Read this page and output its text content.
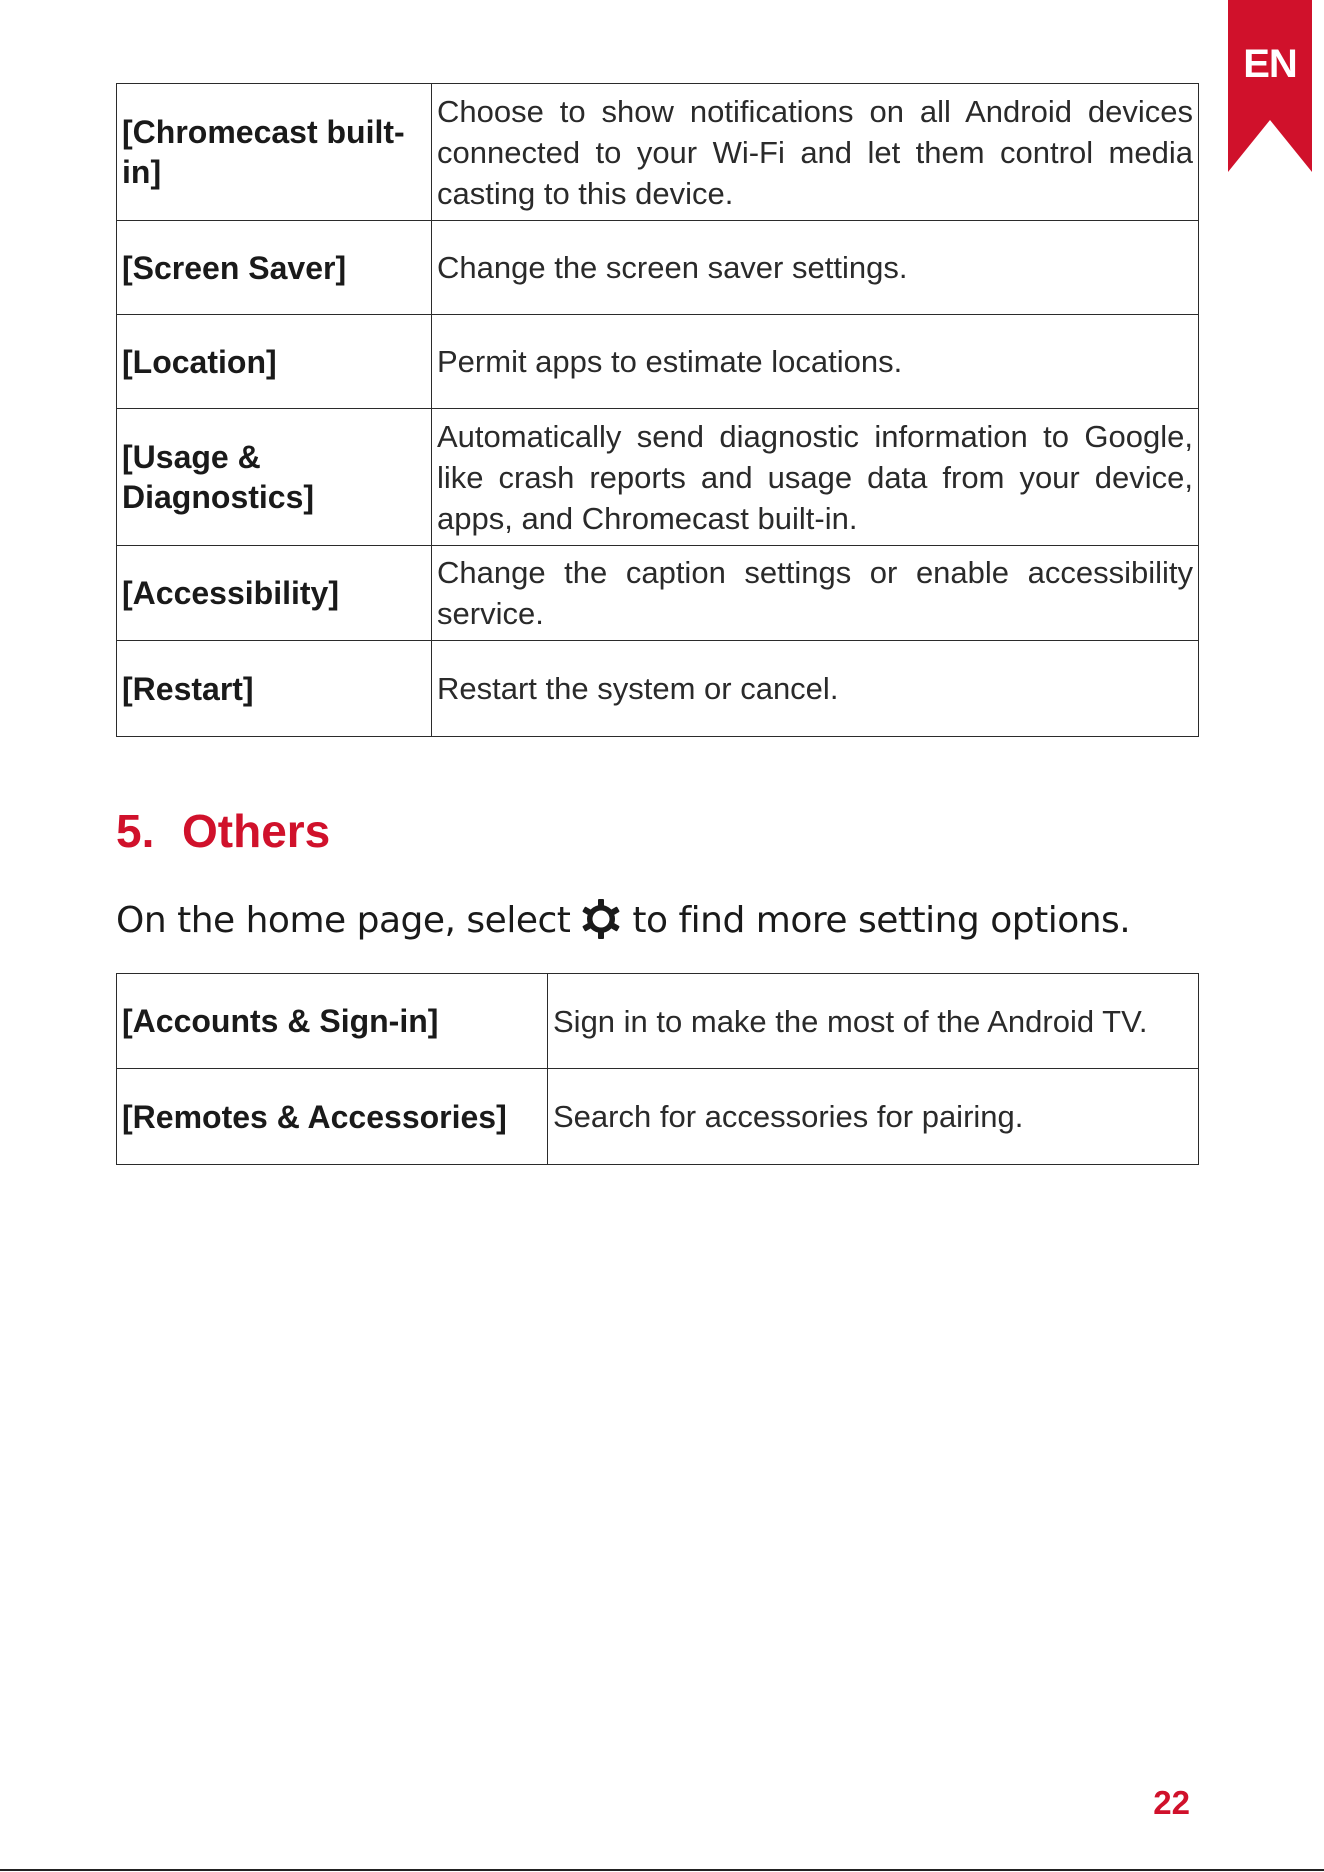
EN
[Chromecast built-in]	Choose to show notifications on all Android devices connected to your Wi-Fi and let them control media casting to this device.
[Screen Saver]	Change the screen saver settings.
[Location]	Permit apps to estimate locations.
[Usage & Diagnostics]	Automatically send diagnostic information to Google, like crash reports and usage data from your device, apps, and Chromecast built-in.
[Accessibility]	Change the caption settings or enable accessibility service.
[Restart]	Restart the system or cancel.
5. Others

On the home page, select to find more setting options.

[Accounts & Sign-in]	Sign in to make the most of the Android TV.
[Remotes & Accessories]	Search for accessories for pairing.
22
